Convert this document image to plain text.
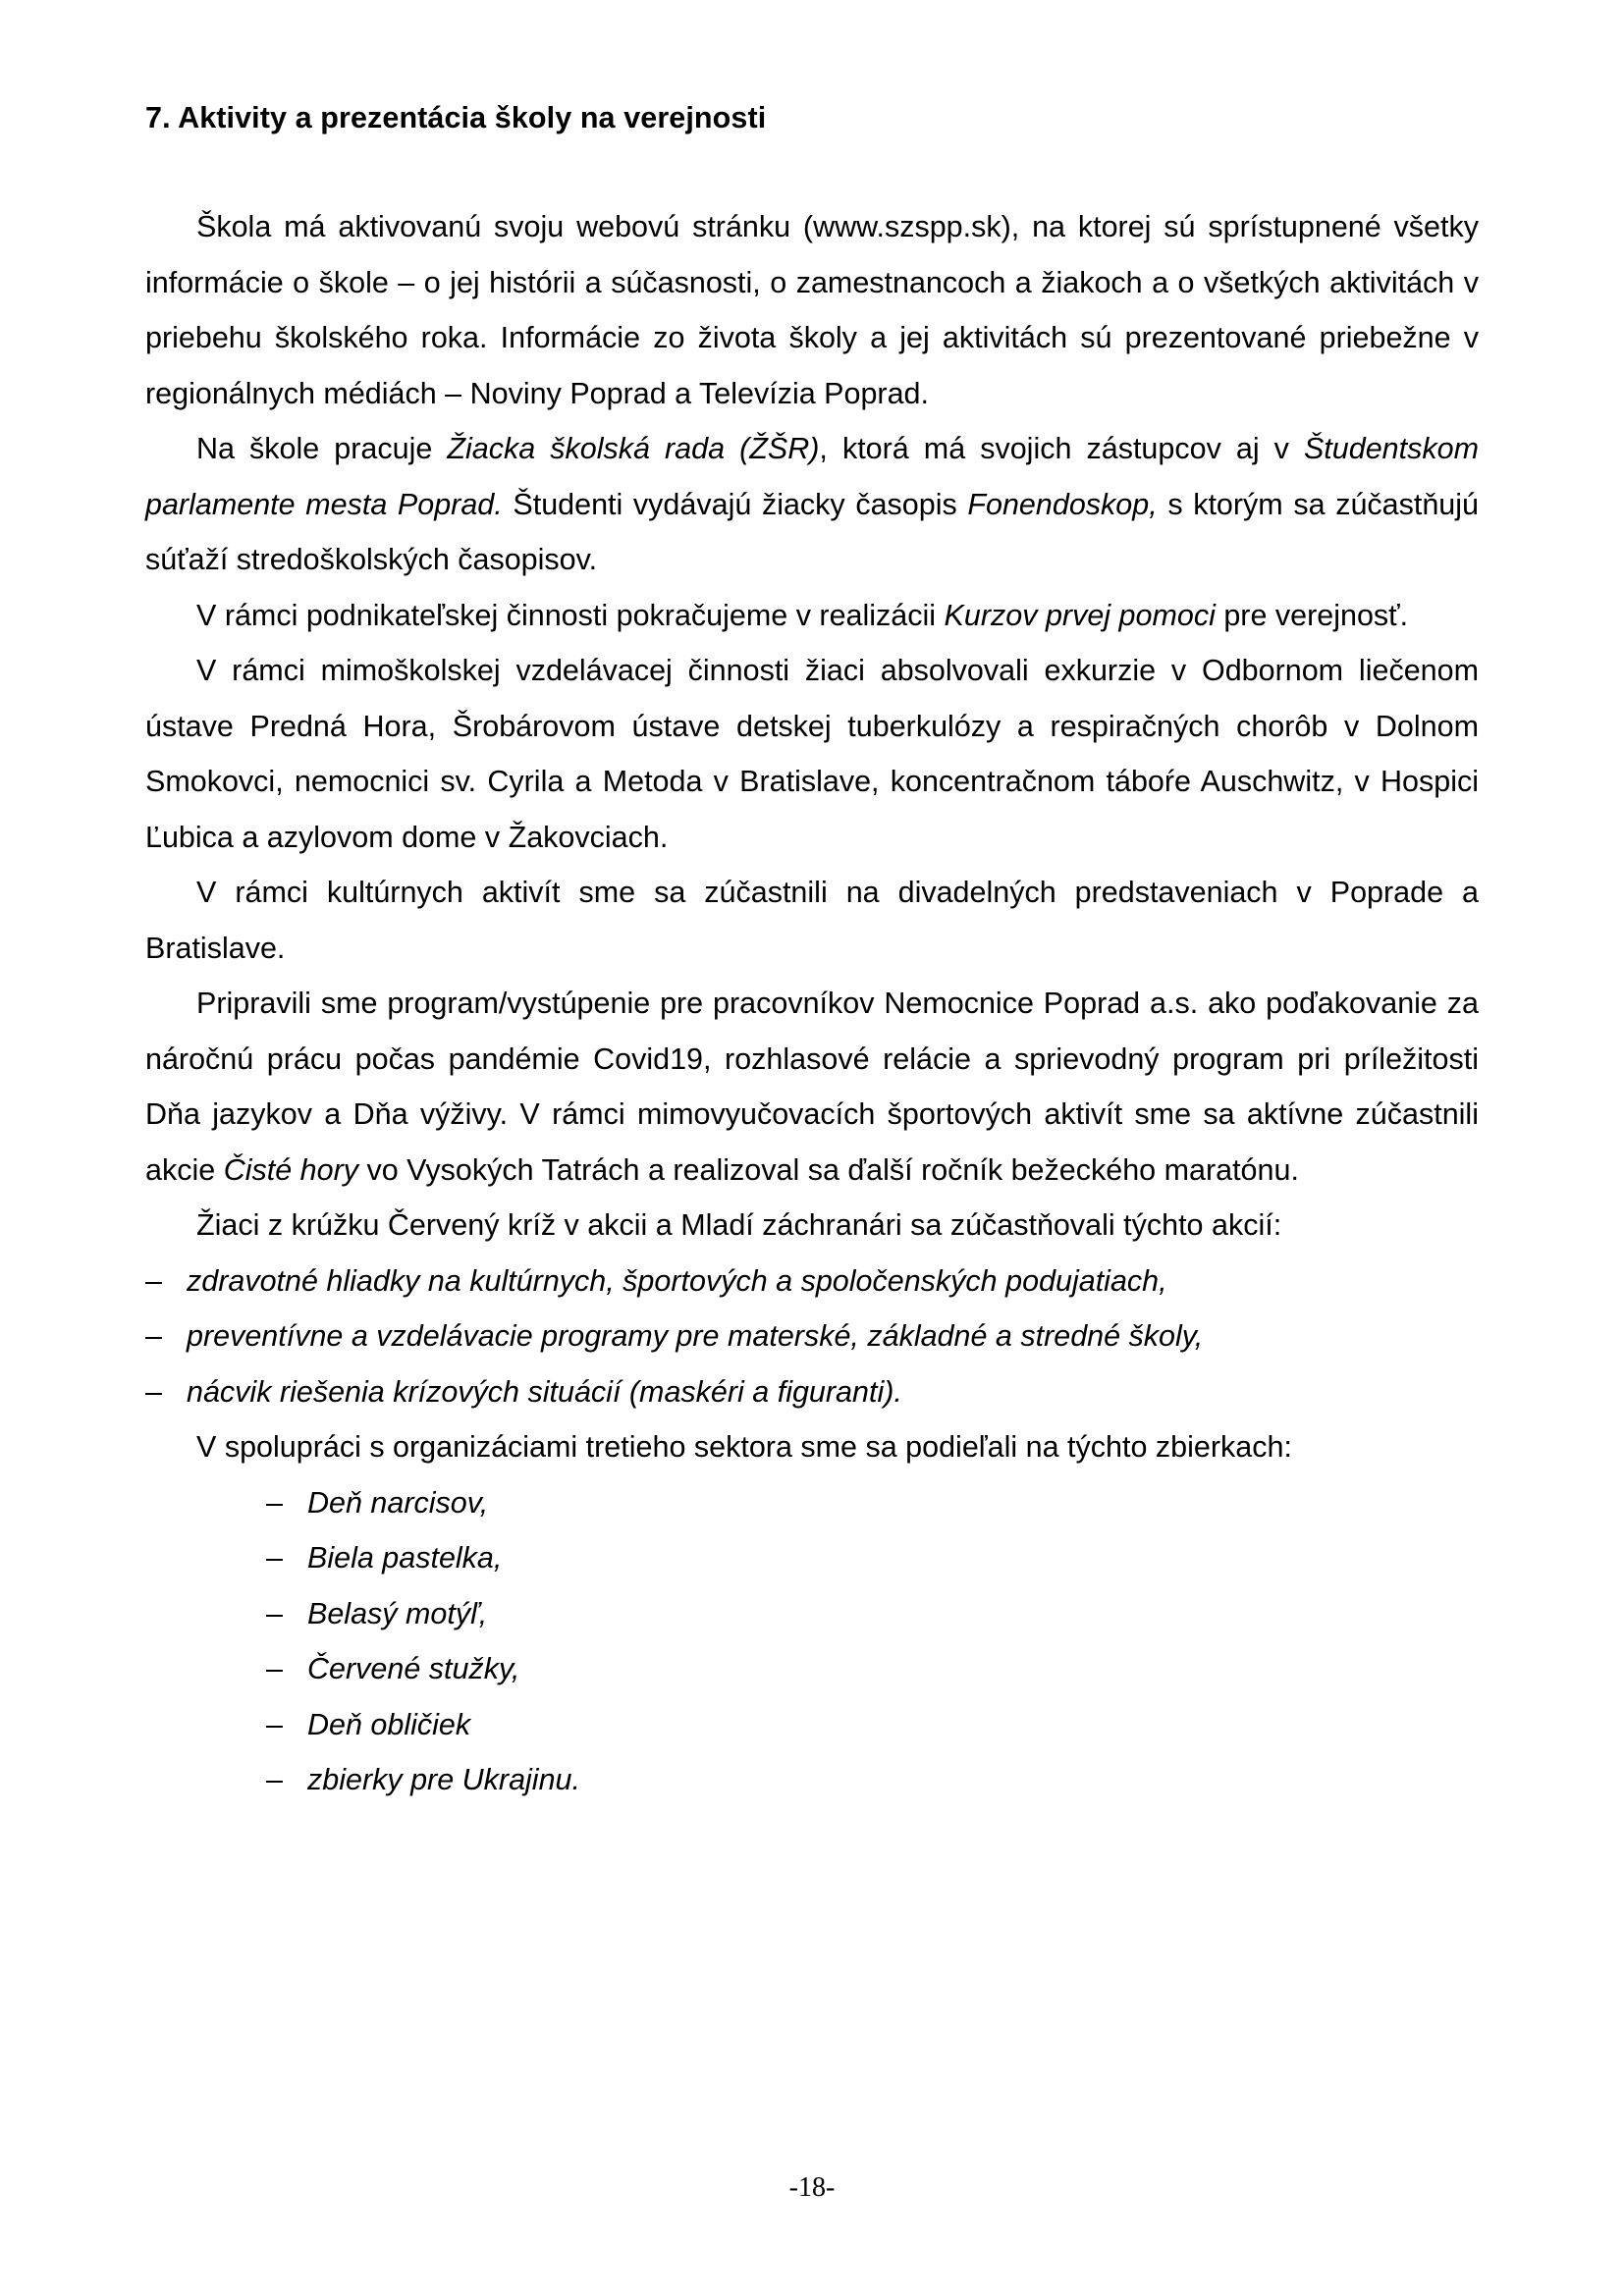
7. Aktivity a prezentácia školy na verejnosti

Škola má aktivovanú svoju webovú stránku (www.szspp.sk), na ktorej sú sprístupnené všetky informácie o škole – o jej histórii a súčasnosti, o zamestnancoch a žiakoch a o všetkých aktivitách v priebehu školského roka. Informácie zo života školy a jej aktivitách sú prezentované priebežne v regionálnych médiách – Noviny Poprad a Televízia Poprad.

Na škole pracuje Žiacka školská rada (ŽŠR), ktorá má svojich zástupcov aj v Študentskom parlamente mesta Poprad. Študenti vydávajú žiacky časopis Fonendoskop, s ktorým sa zúčastňujú súťaží stredoškolských časopisov.

V rámci podnikateľskej činnosti pokračujeme v realizácii Kurzov prvej pomoci pre verejnosť.

V rámci mimoškolskej vzdelávacej činnosti žiaci absolvovali exkurzie v Odbornom liečenom ústave Predná Hora, Šrobárovom ústave detskej tuberkulózy a respiračných chorôb v Dolnom Smokovci, nemocnici sv. Cyrila a Metoda v Bratislave, koncentračnom táboŕe Auschwitz, v Hospici Ľubica a azylovom dome v Žakovciach.

V rámci kultúrnych aktivít sme sa zúčastnili na divadelných predstaveniach v Poprade a Bratislave.

Pripravili sme program/vystúpenie pre pracovníkov Nemocnice Poprad a.s. ako poďakovanie za náročnú prácu počas pandémie Covid19, rozhlasové relácie a sprievodný program pri príležitosti Dňa jazykov a Dňa výživy. V rámci mimovyučovacích športových aktivít sme sa aktívne zúčastnili akcie Čisté hory vo Vysokých Tatrách a realizoval sa ďalší ročník bežeckého maratónu.

Žiaci z krúžku Červený kríž v akcii a Mladí záchranári sa zúčastňovali týchto akcií:

– zdravotné hliadky na kultúrnych, športových a spoločenských podujatiach,
– preventívne a vzdelávacie programy pre materské, základné a stredné školy,
– nácvik riešenia krízových situácií (maskéri a figuranti).

V spolupráci s organizáciami tretieho sektora sme sa podieľali na týchto zbierkach:

– Deň narcisov,
– Biela pastelka,
– Belasý motýľ,
– Červené stužky,
– Deň obličiek
– zbierky pre Ukrajinu.
-18-
